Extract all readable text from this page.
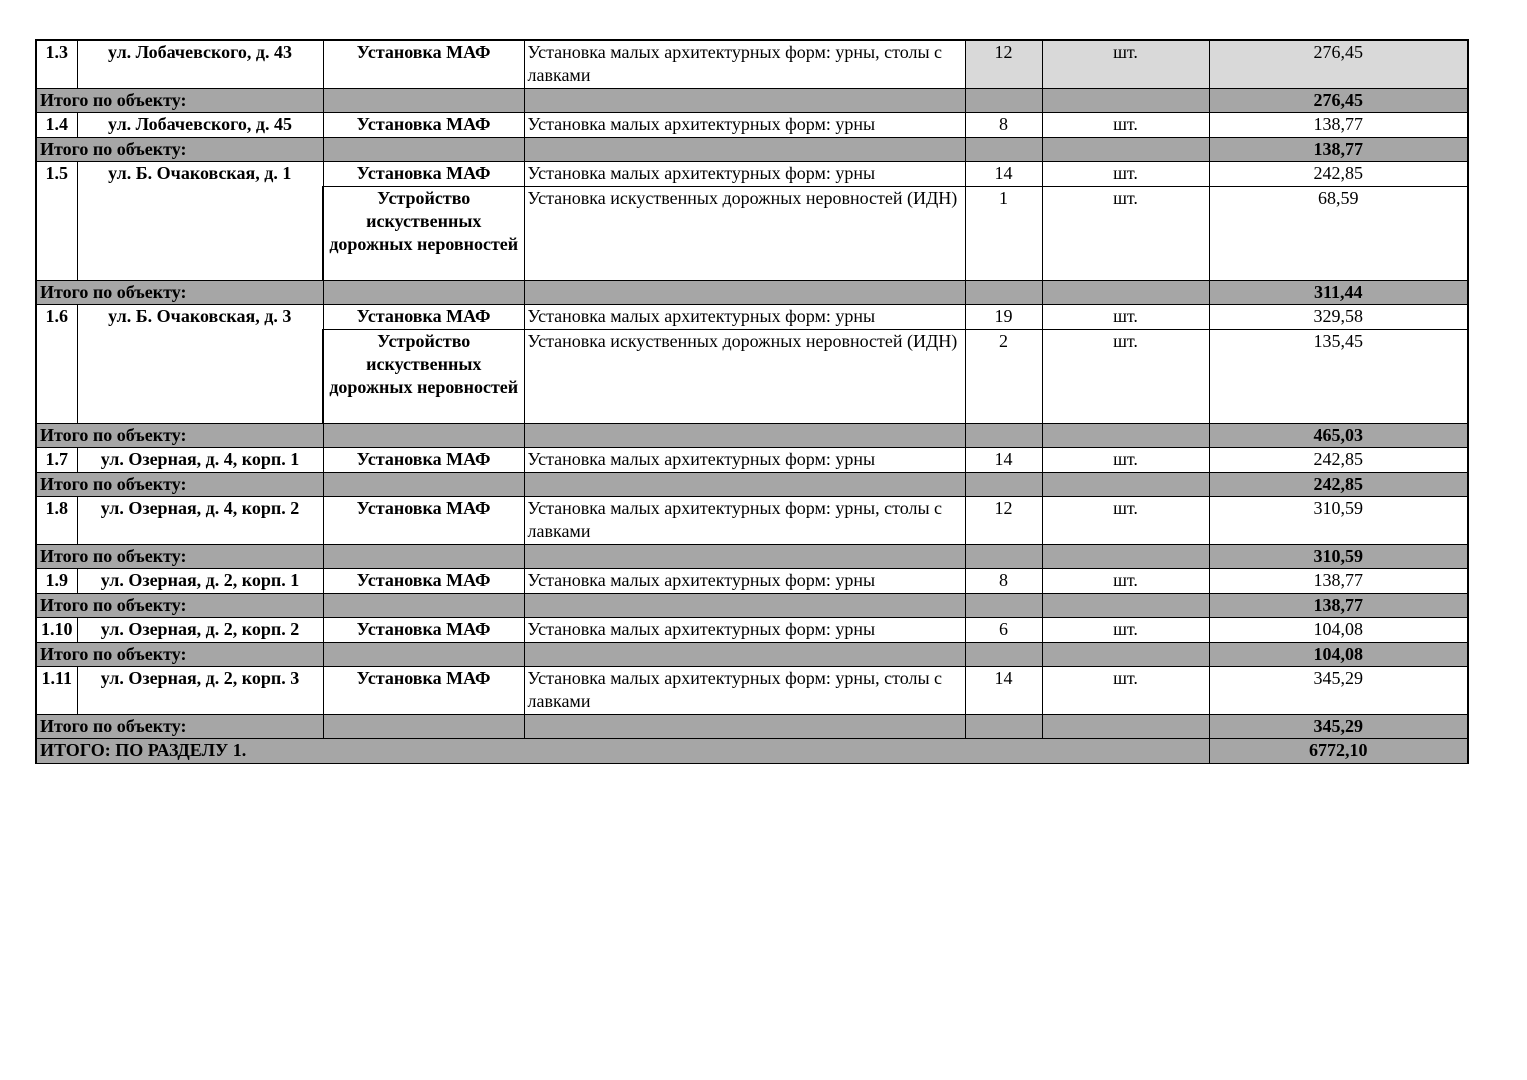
1.3	ул. Лобачевского, д. 43	Установка МАФ	Установка малых архитектурных форм: урны, столы с лавками	12	шт.	276,45
Итого по объекту:						276,45
1.4	ул. Лобачевского, д. 45	Установка МАФ	Установка малых архитектурных форм: урны	8	шт.	138,77
Итого по объекту:						138,77
1.5	ул. Б. Очаковская, д. 1	Установка МАФ	Установка малых архитектурных форм: урны	14	шт.	242,85
		Устройство искуственных дорожных неровностей	Установка искуственных дорожных неровностей (ИДН)	1	шт.	68,59
Итого по объекту:						311,44
1.6	ул. Б. Очаковская, д. 3	Установка МАФ	Установка малых архитектурных форм: урны	19	шт.	329,58
		Устройство искуственных дорожных неровностей	Установка искуственных дорожных неровностей (ИДН)	2	шт.	135,45
Итого по объекту:						465,03
1.7	ул. Озерная, д. 4, корп. 1	Установка МАФ	Установка малых архитектурных форм: урны	14	шт.	242,85
Итого по объекту:						242,85
1.8	ул. Озерная, д. 4, корп. 2	Установка МАФ	Установка малых архитектурных форм: урны, столы с лавками	12	шт.	310,59
Итого по объекту:						310,59
1.9	ул. Озерная, д. 2, корп. 1	Установка МАФ	Установка малых архитектурных форм: урны	8	шт.	138,77
Итого по объекту:						138,77
1.10	ул. Озерная, д. 2, корп. 2	Установка МАФ	Установка малых архитектурных форм: урны	6	шт.	104,08
Итого по объекту:						104,08
1.11	ул. Озерная, д. 2, корп. 3	Установка МАФ	Установка малых архитектурных форм: урны, столы с лавками	14	шт.	345,29
Итого по объекту:						345,29
ИТОГО: ПО РАЗДЕЛУ 1.						6772,10
